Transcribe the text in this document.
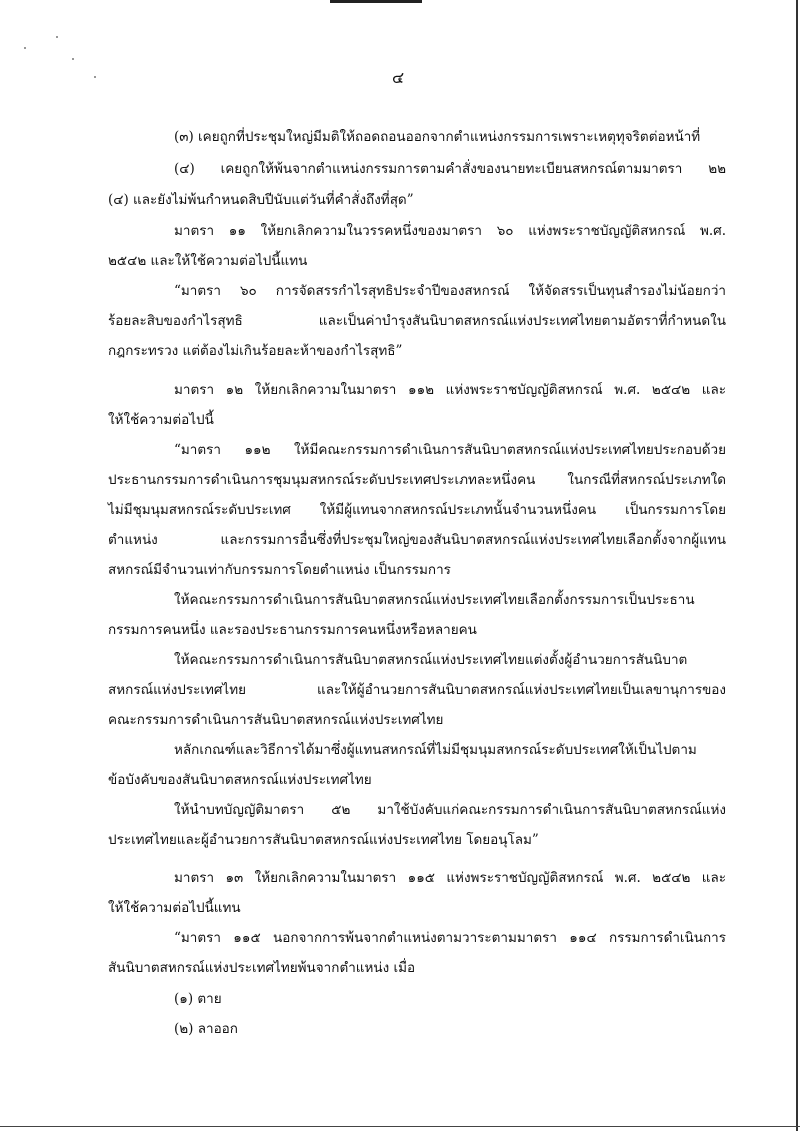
๔
(๓) เคยถูกที่ประชุมใหญ่มีมติให้ถอดถอนออกจากตำแหน่งกรรมการเพราะเหตุทุจริตต่อหน้าที่
(๔) เคยถูกให้พ้นจากตำแหน่งกรรมการตามคำสั่งของนายทะเบียนสหกรณ์ตามมาตรา ๒๒
(๔) และยังไม่พ้นกำหนดสิบปีนับแต่วันที่คำสั่งถึงที่สุด”
มาตรา ๑๑ ให้ยกเลิกความในวรรคหนึ่งของมาตรา ๖๐ แห่งพระราชบัญญัติสหกรณ์ พ.ศ.
๒๕๔๒ และให้ใช้ความต่อไปนี้แทน
“มาตรา ๖๐ การจัดสรรกำไรสุทธิประจำปีของสหกรณ์ ให้จัดสรรเป็นทุนสำรองไม่น้อยกว่า
ร้อยละสิบของกำไรสุทธิ และเป็นค่าบำรุงสันนิบาตสหกรณ์แห่งประเทศไทยตามอัตราที่กำหนดใน
กฎกระทรวง แต่ต้องไม่เกินร้อยละห้าของกำไรสุทธิ”
มาตรา ๑๒ ให้ยกเลิกความในมาตรา ๑๑๒ แห่งพระราชบัญญัติสหกรณ์ พ.ศ. ๒๕๔๒ และ
ให้ใช้ความต่อไปนี้
“มาตรา ๑๑๒ ให้มีคณะกรรมการดำเนินการสันนิบาตสหกรณ์แห่งประเทศไทยประกอบด้วย
ประธานกรรมการดำเนินการชุมนุมสหกรณ์ระดับประเทศประเภทละหนึ่งคน ในกรณีที่สหกรณ์ประเภทใด
ไม่มีชุมนุมสหกรณ์ระดับประเทศ ให้มีผู้แทนจากสหกรณ์ประเภทนั้นจำนวนหนึ่งคน เป็นกรรมการโดย
ตำแหน่ง และกรรมการอื่นซึ่งที่ประชุมใหญ่ของสันนิบาตสหกรณ์แห่งประเทศไทยเลือกตั้งจากผู้แทน
สหกรณ์มีจำนวนเท่ากับกรรมการโดยตำแหน่ง เป็นกรรมการ
ให้คณะกรรมการดำเนินการสันนิบาตสหกรณ์แห่งประเทศไทยเลือกตั้งกรรมการเป็นประธาน
กรรมการคนหนึ่ง และรองประธานกรรมการคนหนึ่งหรือหลายคน
ให้คณะกรรมการดำเนินการสันนิบาตสหกรณ์แห่งประเทศไทยแต่งตั้งผู้อำนวยการสันนิบาต
สหกรณ์แห่งประเทศไทย และให้ผู้อำนวยการสันนิบาตสหกรณ์แห่งประเทศไทยเป็นเลขานุการของ
คณะกรรมการดำเนินการสันนิบาตสหกรณ์แห่งประเทศไทย
หลักเกณฑ์และวิธีการได้มาซึ่งผู้แทนสหกรณ์ที่ไม่มีชุมนุมสหกรณ์ระดับประเทศให้เป็นไปตาม
ข้อบังคับของสันนิบาตสหกรณ์แห่งประเทศไทย
ให้นำบทบัญญัติมาตรา ๕๒ มาใช้บังคับแก่คณะกรรมการดำเนินการสันนิบาตสหกรณ์แห่ง
ประเทศไทยและผู้อำนวยการสันนิบาตสหกรณ์แห่งประเทศไทย โดยอนุโลม”
มาตรา ๑๓ ให้ยกเลิกความในมาตรา ๑๑๕ แห่งพระราชบัญญัติสหกรณ์ พ.ศ. ๒๕๔๒ และ
ให้ใช้ความต่อไปนี้แทน
“มาตรา ๑๑๕ นอกจากการพ้นจากตำแหน่งตามวาระตามมาตรา ๑๑๔ กรรมการดำเนินการ
สันนิบาตสหกรณ์แห่งประเทศไทยพ้นจากตำแหน่ง เมื่อ
(๑) ตาย
(๒) ลาออก
